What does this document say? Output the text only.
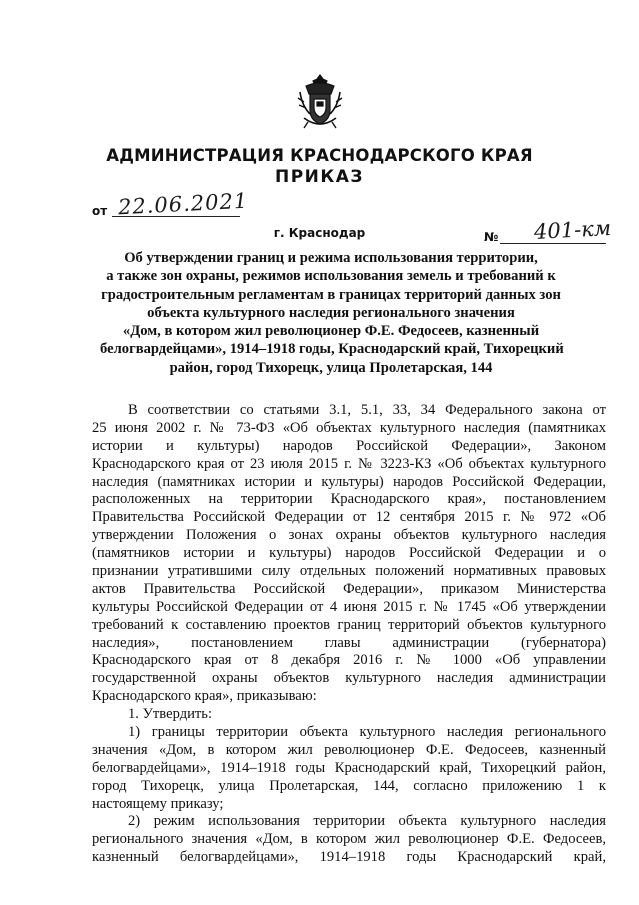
АДМИНИСТРАЦИЯ КРАСНОДАРСКОГО КРАЯ
ПРИКАЗ
от 22.06.2021
г. Краснодар	№ 401-км
Об утверждении границ и режима использования территории,
а также зон охраны, режимов использования земель и требований к
градостроительным регламентам в границах территорий данных зон
объекта культурного наследия регионального значения
«Дом, в котором жил революционер Ф.Е. Федосеев, казненный
белогвардейцами», 1914–1918 годы, Краснодарский край, Тихорецкий
район, город Тихорецк, улица Пролетарская, 144
В соответствии со статьями 3.1, 5.1, 33, 34 Федерального закона от
25 июня 2002 г. № 73-ФЗ «Об объектах культурного наследия (памятниках
истории и культуры) народов Российской Федерации», Законом
Краснодарского края от 23 июля 2015 г. № 3223-КЗ «Об объектах культурного
наследия (памятниках истории и культуры) народов Российской Федерации,
расположенных на территории Краснодарского края», постановлением
Правительства Российской Федерации от 12 сентября 2015 г. № 972 «Об
утверждении Положения о зонах охраны объектов культурного наследия
(памятников истории и культуры) народов Российской Федерации и о
признании утратившими силу отдельных положений нормативных правовых
актов Правительства Российской Федерации», приказом Министерства
культуры Российской Федерации от 4 июня 2015 г. № 1745 «Об утверждении
требований к составлению проектов границ территорий объектов культурного
наследия», постановлением главы администрации (губернатора)
Краснодарского края от 8 декабря 2016 г. № 1000 «Об управлении
государственной охраны объектов культурного наследия администрации
Краснодарского края», приказываю:
1. Утвердить:
1) границы территории объекта культурного наследия регионального
значения «Дом, в котором жил революционер Ф.Е. Федосеев, казненный
белогвардейцами», 1914–1918 годы Краснодарский край, Тихорецкий район,
город Тихорецк, улица Пролетарская, 144, согласно приложению 1 к
настоящему приказу;
2) режим использования территории объекта культурного наследия
регионального значения «Дом, в котором жил революционер Ф.Е. Федосеев,
казненный белогвардейцами», 1914–1918 годы Краснодарский край,
